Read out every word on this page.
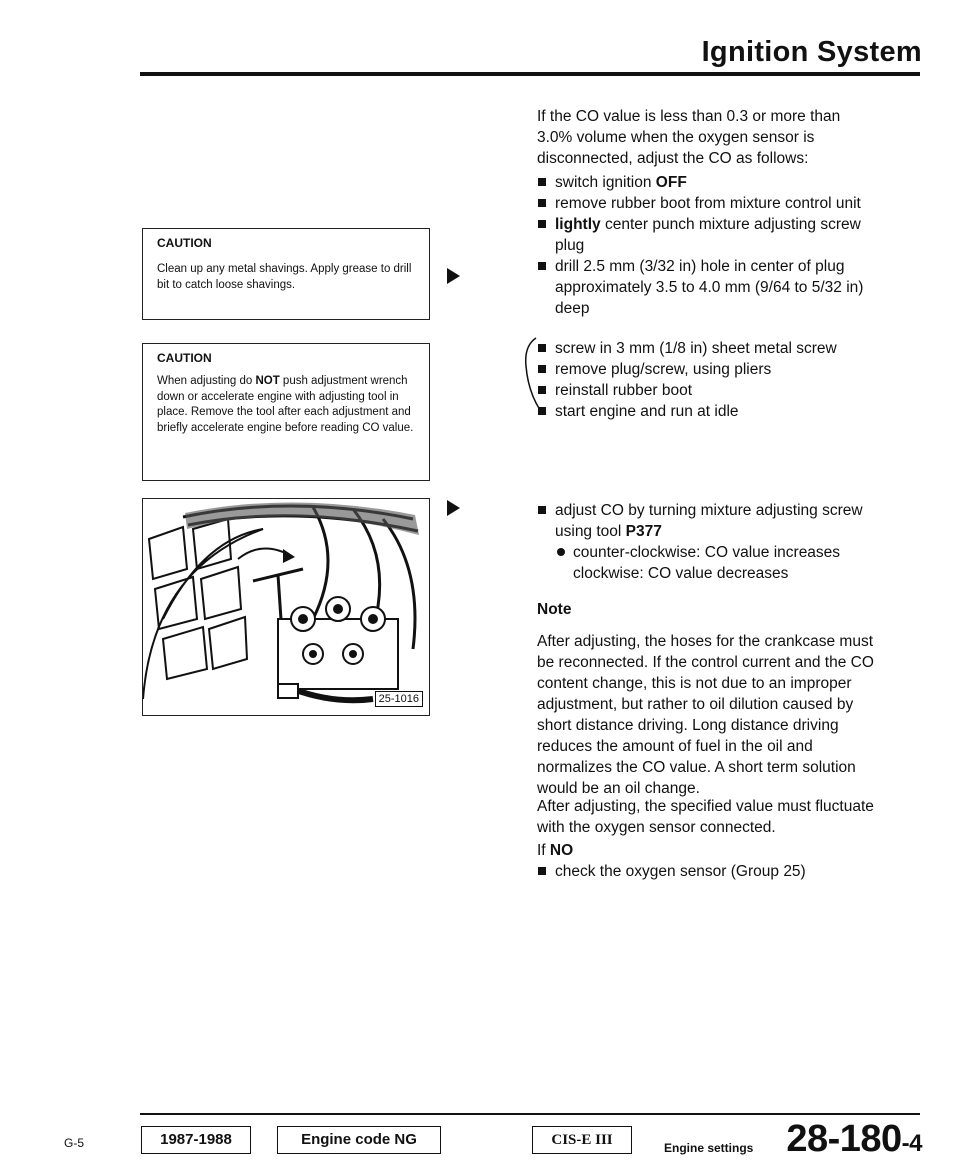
Ignition System
CAUTION
Clean up any metal shavings. Apply grease to drill bit to catch loose shavings.
CAUTION
When adjusting do NOT push adjustment wrench down or accelerate engine with adjusting tool in place. Remove the tool after each adjustment and briefly accelerate engine before reading CO value.
25-1016
If the CO value is less than 0.3 or more than 3.0% volume when the oxygen sensor is disconnected, adjust the CO as follows:
switch ignition OFF
remove rubber boot from mixture control unit
lightly center punch mixture adjusting screw plug
drill 2.5 mm (3/32 in) hole in center of plug approximately 3.5 to 4.0 mm (9/64 to 5/32 in) deep
screw in 3 mm (1/8 in) sheet metal screw
remove plug/screw, using pliers
reinstall rubber boot
start engine and run at idle
adjust CO by turning mixture adjusting screw using tool P377
counter-clockwise: CO value increases
clockwise: CO value decreases
Note
After adjusting, the hoses for the crankcase must be reconnected. If the control current and the CO content change, this is not due to an improper adjustment, but rather to oil dilution caused by short distance driving. Long distance driving reduces the amount of fuel in the oil and normalizes the CO value. A short term solution would be an oil change.
After adjusting, the specified value must fluctuate with the oxygen sensor connected.
If NO
check the oxygen sensor (Group 25)
G-5	1987-1988	Engine code NG	CIS-E III	Engine settings 28-180-4
